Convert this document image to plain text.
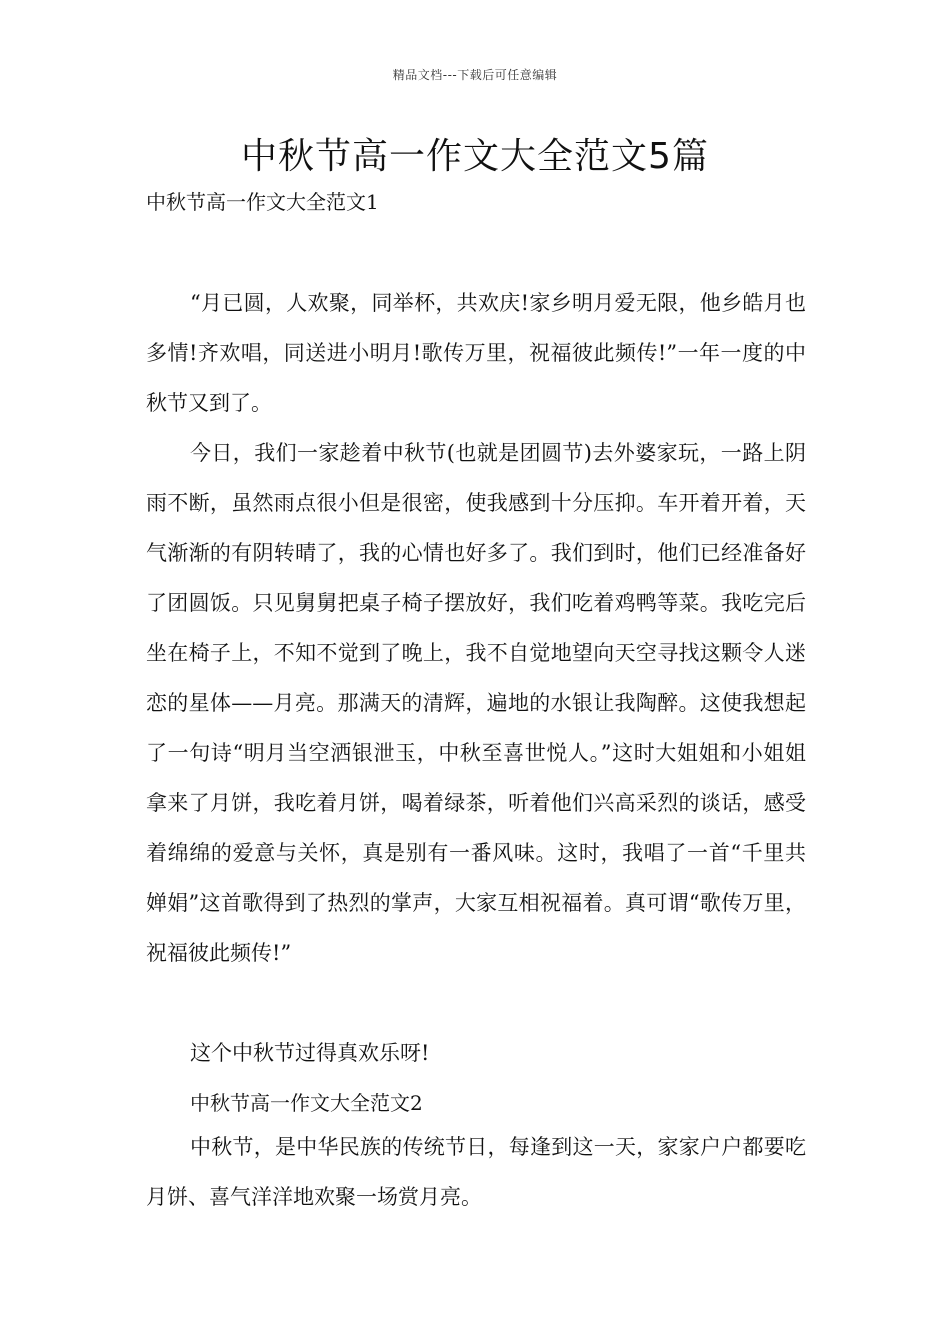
精品文档---下载后可任意编辑
中秋节高一作文大全范文5篇
中秋节高一作文大全范文1
“月已圆，人欢聚，同举杯，共欢庆!家乡明月爱无限，他乡皓月也多情!齐欢唱，同送进小明月!歌传万里，祝福彼此频传!”一年一度的中秋节又到了。
今日，我们一家趁着中秋节(也就是团圆节)去外婆家玩，一路上阴雨不断，虽然雨点很小但是很密，使我感到十分压抑。车开着开着，天气渐渐的有阴转晴了，我的心情也好多了。我们到时，他们已经准备好了团圆饭。只见舅舅把桌子椅子摆放好，我们吃着鸡鸭等菜。我吃完后坐在椅子上，不知不觉到了晚上，我不自觉地望向天空寻找这颗令人迷恋的星体——月亮。那满天的清辉，遍地的水银让我陶醉。这使我想起了一句诗“明月当空洒银泄玉，中秋至喜世悦人。”这时大姐姐和小姐姐拿来了月饼，我吃着月饼，喝着绿茶，听着他们兴高采烈的谈话，感受着绵绵的爱意与关怀，真是别有一番风味。这时，我唱了一首“千里共婵娟”这首歌得到了热烈的掌声，大家互相祝福着。真可谓“歌传万里，祝福彼此频传!”
这个中秋节过得真欢乐呀!
中秋节高一作文大全范文2
中秋节，是中华民族的传统节日，每逢到这一天，家家户户都要吃月饼、喜气洋洋地欢聚一场赏月亮。
